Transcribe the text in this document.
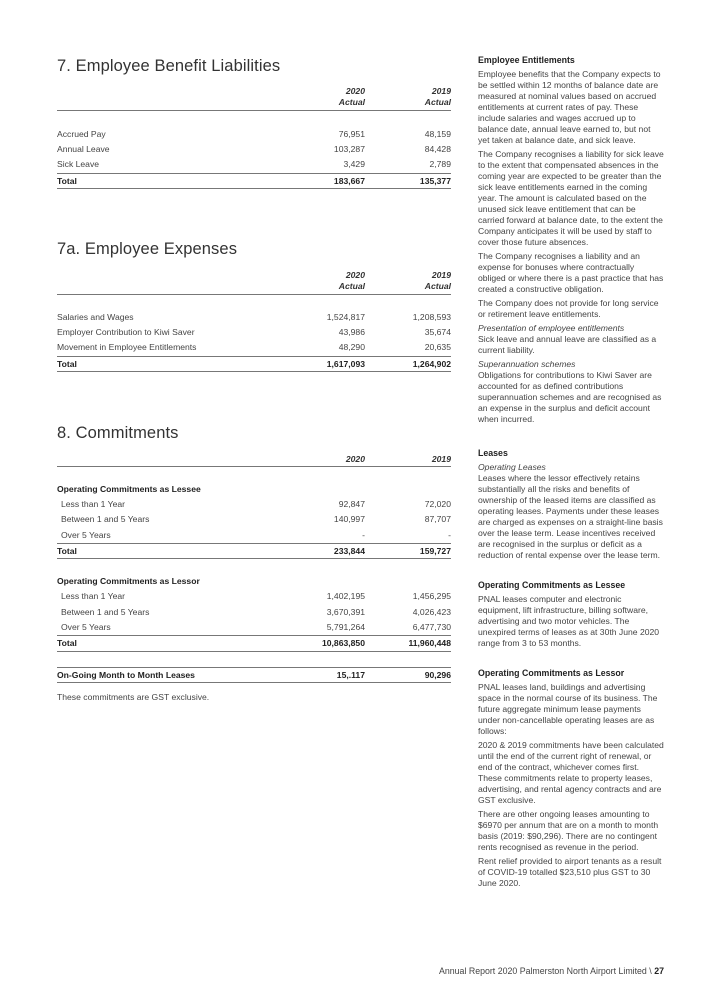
7. Employee Benefit Liabilities
2020
Actual
2019
Actual
Accrued Pay	76,951	48,159
Annual Leave	103,287	84,428
Sick Leave	3,429	2,789
Total	183,667	135,377
7a. Employee Expenses
2020
Actual
2019
Actual
Salaries and Wages	1,524,817	1,208,593
Employer Contribution to Kiwi Saver	43,986	35,674
Movement in Employee Entitlements	48,290	20,635
Total	1,617,093	1,264,902
8. Commitments
2020	2019
Operating Commitments as Lessee
Less than 1 Year	92,847	72,020
Between 1 and 5 Years	140,997	87,707
Over 5 Years	-	-
Total	233,844	159,727
Operating Commitments as Lessor
Less than 1 Year	1,402,195	1,456,295
Between 1 and 5 Years	3,670,391	4,026,423
Over 5 Years	5,791,264	6,477,730
Total	10,863,850	11,960,448
On-Going Month to Month Leases	15,.117	90,296
These commitments are GST exclusive.

Employee Entitlements

Employee benefits that the Company expects to be settled within 12 months of balance date are measured at nominal values based on accrued entitlements at current rates of pay. These include salaries and wages accrued up to balance date, annual leave earned to, but not yet taken at balance date, and sick leave.

The Company recognises a liability for sick leave to the extent that compensated absences in the coming year are expected to be greater than the sick leave entitlements earned in the coming year. The amount is calculated based on the unused sick leave entitlement that can be carried forward at balance date, to the extent the Company anticipates it will be used by staff to cover those future absences.

The Company recognises a liability and an expense for bonuses where contractually obliged or where there is a past practice that has created a constructive obligation.

The Company does not provide for long service or retirement leave entitlements.

Presentation of employee entitlements

Sick leave and annual leave are classified as a current liability.

Superannuation schemes

Obligations for contributions to Kiwi Saver are accounted for as defined contributions superannuation schemes and are recognised as an expense in the surplus and deficit account when incurred.

Leases

Operating Leases

Leases where the lessor effectively retains substantially all the risks and benefits of ownership of the leased items are classified as operating leases. Payments under these leases are charged as expenses on a straight-line basis over the lease term. Lease incentives received are recognised in the surplus or deficit as a reduction of rental expense over the lease term.

Operating Commitments as Lessee

PNAL leases computer and electronic equipment, lift infrastructure, billing software, advertising and two motor vehicles. The unexpired terms of leases as at 30th June 2020 range from 3 to 53 months.

Operating Commitments as Lessor

PNAL leases land, buildings and advertising space in the normal course of its business. The future aggregate minimum lease payments under non-cancellable operating leases are as follows:

2020 & 2019 commitments have been calculated until the end of the current right of renewal, or end of the contract, whichever comes first. These commitments relate to property leases, advertising, and rental agency contracts and are GST exclusive.

There are other ongoing leases amounting to $6970 per annum that are on a month to month basis (2019: $90,296). There are no contingent rents recognised as revenue in the period.

Rent relief provided to airport tenants as a result of COVID-19 totalled $23,510 plus GST to 30 June 2020.

Annual Report 2020 Palmerston North Airport Limited \ 27
